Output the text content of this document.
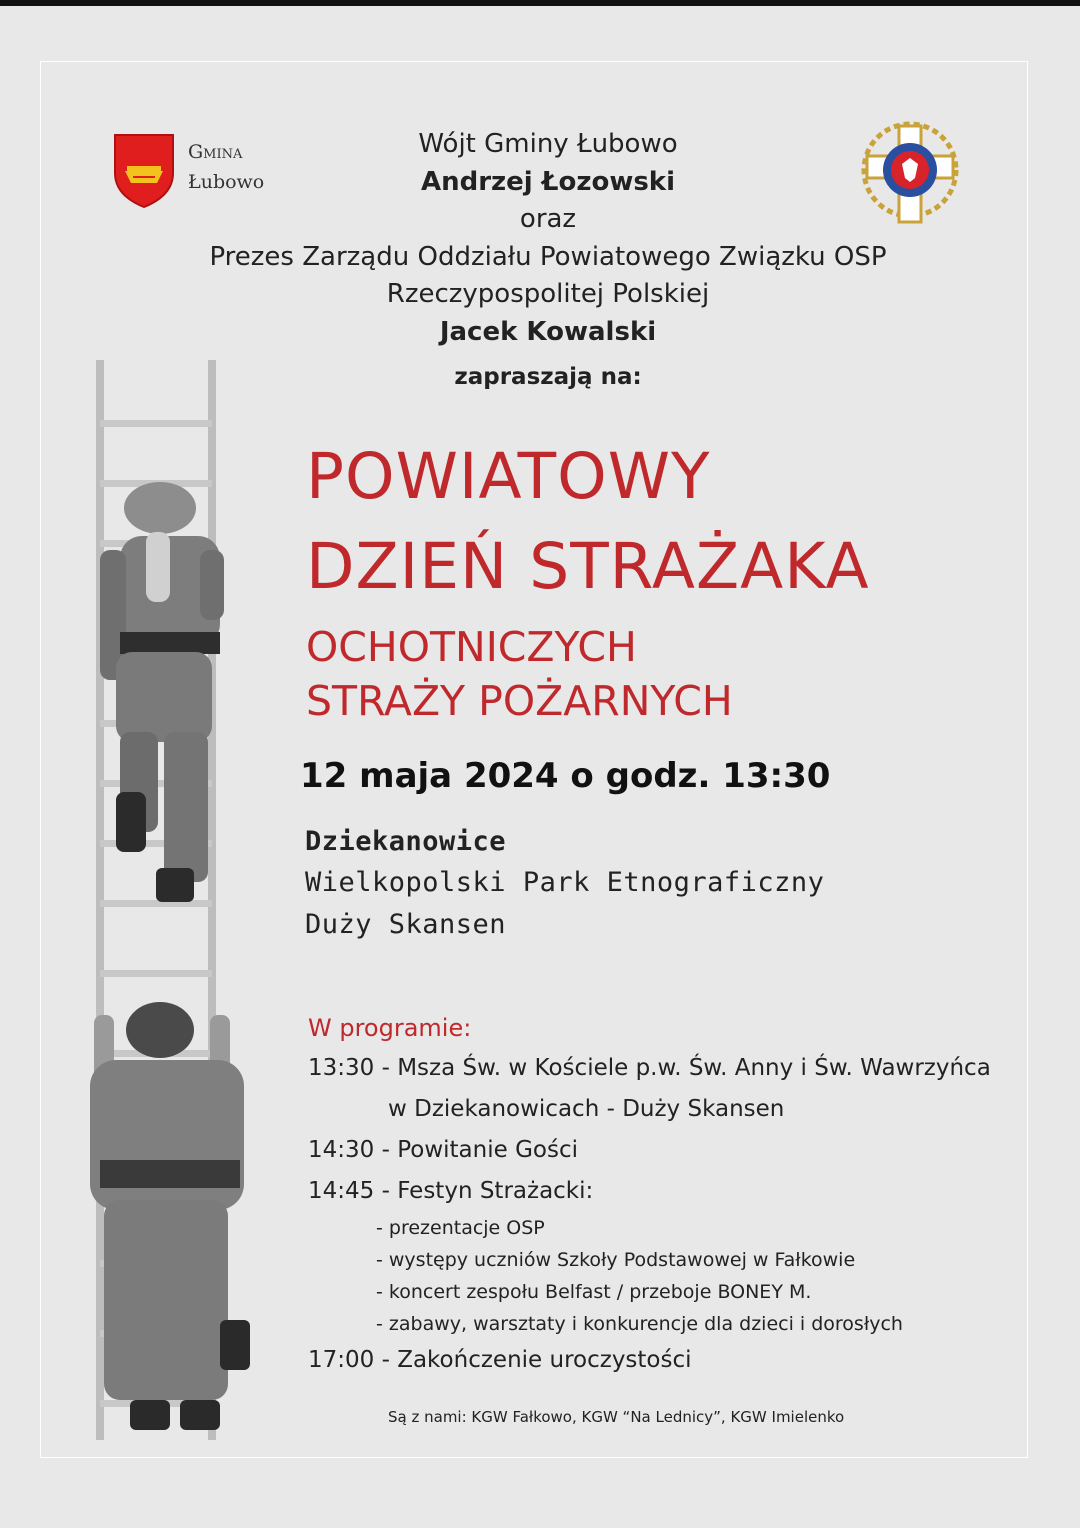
Gmina
Łubowo
Wójt Gminy Łubowo
Andrzej Łozowski
oraz
Prezes Zarządu Oddziału Powiatowego Związku OSP
Rzeczypospolitej Polskiej
Jacek Kowalski
zapraszają na:
POWIATOWY
DZIEŃ STRAŻAKA
OCHOTNICZYCH
STRAŻY POŻARNYCH
12 maja 2024 o godz. 13:30
Dziekanowice
Wielkopolski Park Etnograficzny
Duży Skansen
W programie:
13:30 - Msza Św. w Kościele p.w. Św. Anny i Św. Wawrzyńca
w Dziekanowicach - Duży Skansen
14:30 - Powitanie Gości
14:45 - Festyn Strażacki:
- prezentacje OSP
- występy uczniów Szkoły Podstawowej w Fałkowie
- koncert zespołu Belfast / przeboje BONEY M.
- zabawy, warsztaty i konkurencje dla dzieci i dorosłych
17:00 - Zakończenie uroczystości
Są z nami: KGW Fałkowo, KGW “Na Lednicy”, KGW Imielenko
